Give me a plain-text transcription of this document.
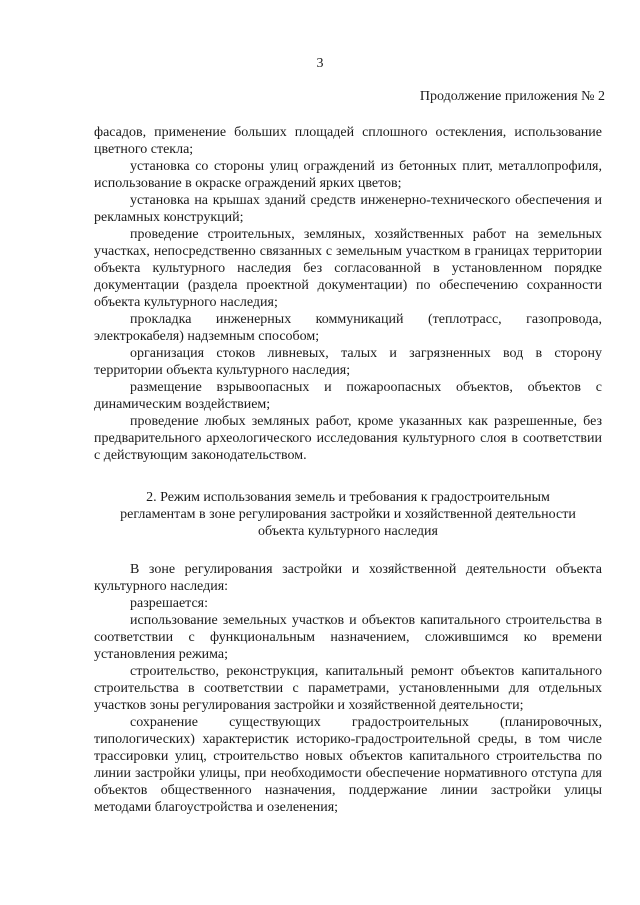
3
Продолжение приложения № 2

фасадов, применение больших площадей сплошного остекления, использование цветного стекла;

установка со стороны улиц ограждений из бетонных плит, металлопрофиля, использование в окраске ограждений ярких цветов;

установка на крышах зданий средств инженерно-технического обеспечения и рекламных конструкций;

проведение строительных, земляных, хозяйственных работ на земельных участках, непосредственно связанных с земельным участком в границах территории объекта культурного наследия без согласованной в установленном порядке документации (раздела проектной документации) по обеспечению сохранности объекта культурного наследия;

прокладка инженерных коммуникаций (теплотрасс, газопровода, электрокабеля) надземным способом;

организация стоков ливневых, талых и загрязненных вод в сторону территории объекта культурного наследия;

размещение взрывоопасных и пожароопасных объектов, объектов с динамическим воздействием;

проведение любых земляных работ, кроме указанных как разрешенные, без предварительного археологического исследования культурного слоя в соответствии с действующим законодательством.

2. Режим использования земель и требования к градостроительным
регламентам в зоне регулирования застройки и хозяйственной деятельности
объекта культурного наследия

В зоне регулирования застройки и хозяйственной деятельности объекта культурного наследия:

разрешается:

использование земельных участков и объектов капитального строительства в соответствии с функциональным назначением, сложившимся ко времени установления режима;

строительство, реконструкция, капитальный ремонт объектов капитального строительства в соответствии с параметрами, установленными для отдельных участков зоны регулирования застройки и хозяйственной деятельности;

сохранение существующих градостроительных (планировочных, типологических) характеристик историко-градостроительной среды, в том числе трассировки улиц, строительство новых объектов капитального строительства по линии застройки улицы, при необходимости обеспечение нормативного отступа для объектов общественного назначения, поддержание линии застройки улицы методами благоустройства и озеленения;
